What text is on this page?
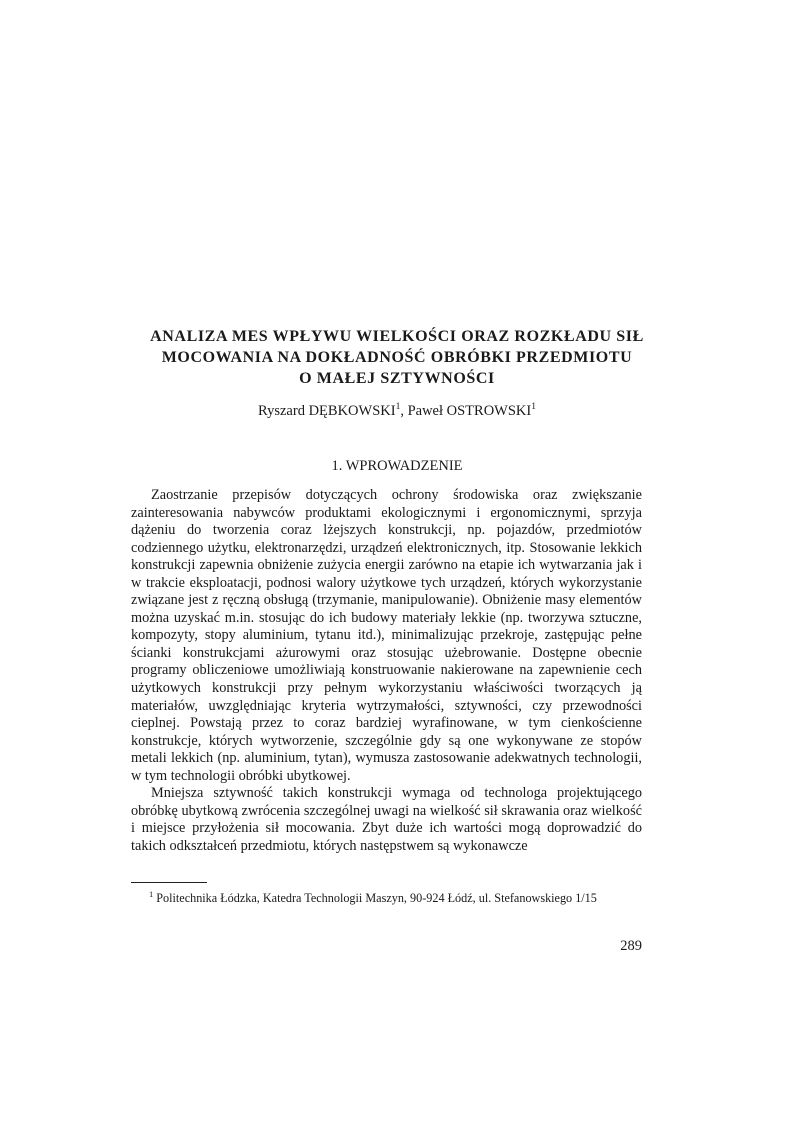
ANALIZA MES WPŁYWU WIELKOŚCI ORAZ ROZKŁADU SIŁ
MOCOWANIA NA DOKŁADNOŚĆ OBRÓBKI PRZEDMIOTU
O MAŁEJ SZTYWNOŚCI
Ryszard DĘBKOWSKI$^1$, Paweł OSTROWSKI$^1$
1. WPROWADZENIE

Zaostrzanie przepisów dotyczących ochrony środowiska oraz zwiększanie zainteresowania nabywców produktami ekologicznymi i ergonomicznymi, sprzyja dążeniu do tworzenia coraz lżejszych konstrukcji, np. pojazdów, przedmiotów codziennego użytku, elektronarzędzi, urządzeń elektronicznych, itp. Stosowanie lekkich konstrukcji zapewnia obniżenie zużycia energii zarówno na etapie ich wytwarzania jak i w trakcie eksploatacji, podnosi walory użytkowe tych urządzeń, których wykorzystanie związane jest z ręczną obsługą (trzymanie, manipulowanie). Obniżenie masy elementów można uzyskać m.in. stosując do ich budowy materiały lekkie (np. tworzywa sztuczne, kompozyty, stopy aluminium, tytanu itd.), minimalizując przekroje, zastępując pełne ścianki konstrukcjami ażurowymi oraz stosując użebrowanie. Dostępne obecnie programy obliczeniowe umożliwiają konstruowanie nakierowane na zapewnienie cech użytkowych konstrukcji przy pełnym wykorzystaniu właściwości tworzących ją materiałów, uwzględniając kryteria wytrzymałości, sztywności, czy przewodności cieplnej. Powstają przez to coraz bardziej wyrafinowane, w tym cienkościenne konstrukcje, których wytworzenie, szczególnie gdy są one wykonywane ze stopów metali lekkich (np. aluminium, tytan), wymusza zastosowanie adekwatnych technologii, w tym technologii obróbki ubytkowej.

Mniejsza sztywność takich konstrukcji wymaga od technologa projektującego obróbkę ubytkową zwrócenia szczególnej uwagi na wielkość sił skrawania oraz wielkość i miejsce przyłożenia sił mocowania. Zbyt duże ich wartości mogą doprowadzić do takich odkształceń przedmiotu, których następstwem są wykonawcze

$^1$ Politechnika Łódzka, Katedra Technologii Maszyn, 90-924 Łódź, ul. Stefanowskiego 1/15
289
